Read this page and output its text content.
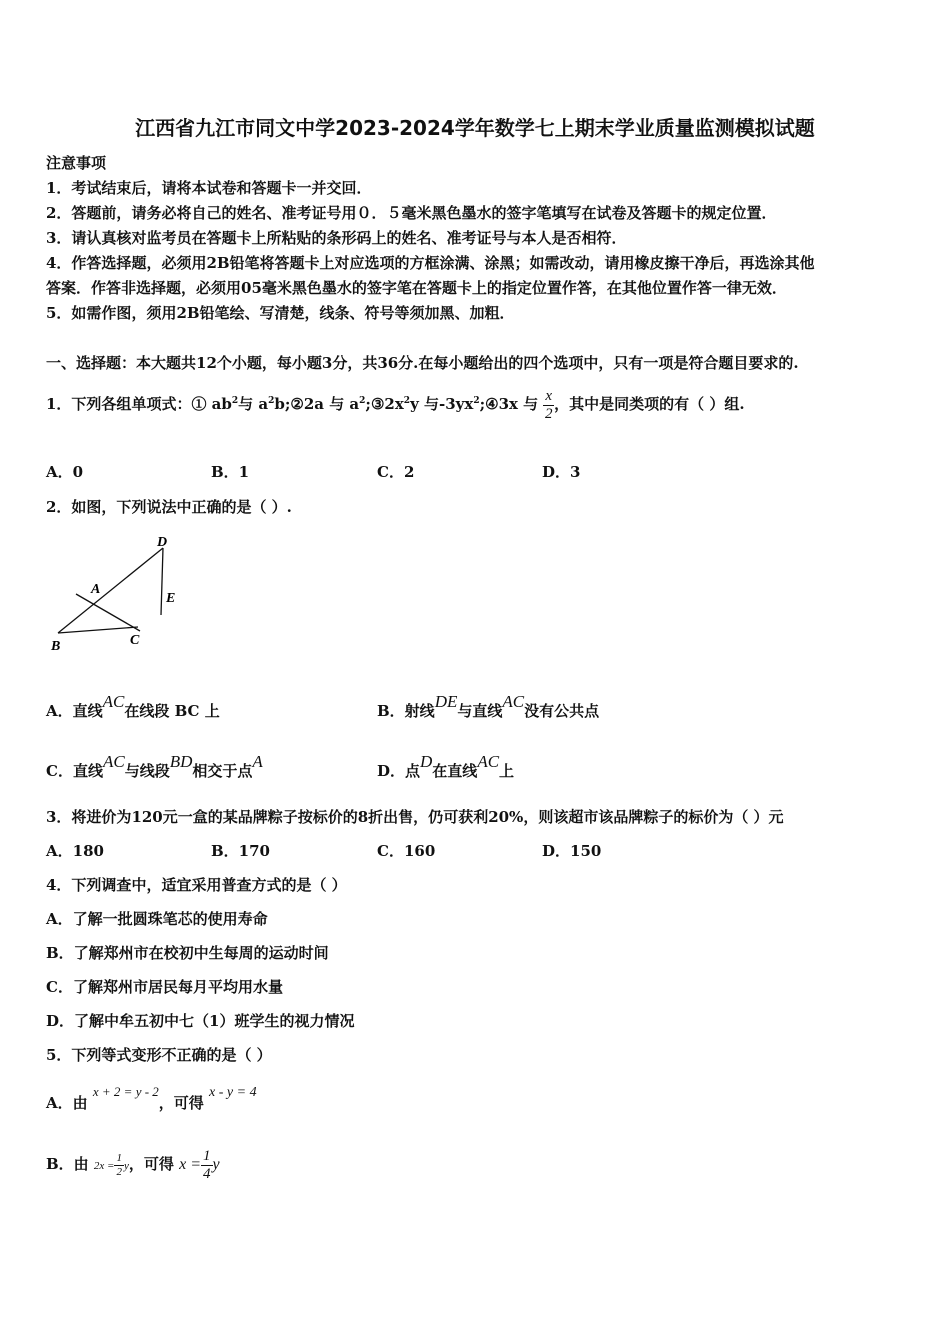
江西省九江市同文中学2023-2024学年数学七上期末学业质量监测模拟试题
注意事项
1．考试结束后，请将本试卷和答题卡一并交回．
2．答题前，请务必将自己的姓名、准考证号用０．５毫米黑色墨水的签字笔填写在试卷及答题卡的规定位置．
3．请认真核对监考员在答题卡上所粘贴的条形码上的姓名、准考证号与本人是否相符．
4．作答选择题，必须用2B铅笔将答题卡上对应选项的方框涂满、涂黑；如需改动，请用橡皮擦干净后，再选涂其他
答案．作答非选择题，必须用05毫米黑色墨水的签字笔在答题卡上的指定位置作答，在其他位置作答一律无效．
5．如需作图，须用2B铅笔绘、写清楚，线条、符号等须加黑、加粗．
一、选择题：本大题共12个小题，每小题3分，共36分.在每小题给出的四个选项中，只有一项是符合题目要求的.
1．下列各组单项式：① $ab^2$与 $a^2b;②2a$ 与 $a^2;③2x^2y$ 与$-3yx^2;④3x$ 与 $\frac{x}{2}$ ，其中是同类项的有（ ）组.
A．0	B．1	C．2	D．3
2．如图，下列说法中正确的是（ ）.
D
E
A
B	C
A．直线AC在线段 BC 上	B．射线DE与直线AC没有公共点
C．直线AC与线段BD相交于点A	D．点D在直线AC上
3．将进价为120元一盒的某品牌粽子按标价的8折出售，仍可获利20%，则该超市该品牌粽子的标价为（ ）元
A．180	B．170	C．160	D．150
4．下列调查中，适宜采用普查方式的是（ ）
A．了解一批圆珠笔芯的使用寿命
B．了解郑州市在校初中生每周的运动时间
C．了解郑州市居民每月平均用水量
D．了解中牟五初中七（1）班学生的视力情况
5．下列等式变形不正确的是（ ）
A．由 x + 2 = y - 2，可得 x - y = 4
B．由 $2x = \frac{1}{2}$ y，可得 $x = \frac{1}{4}$ y
